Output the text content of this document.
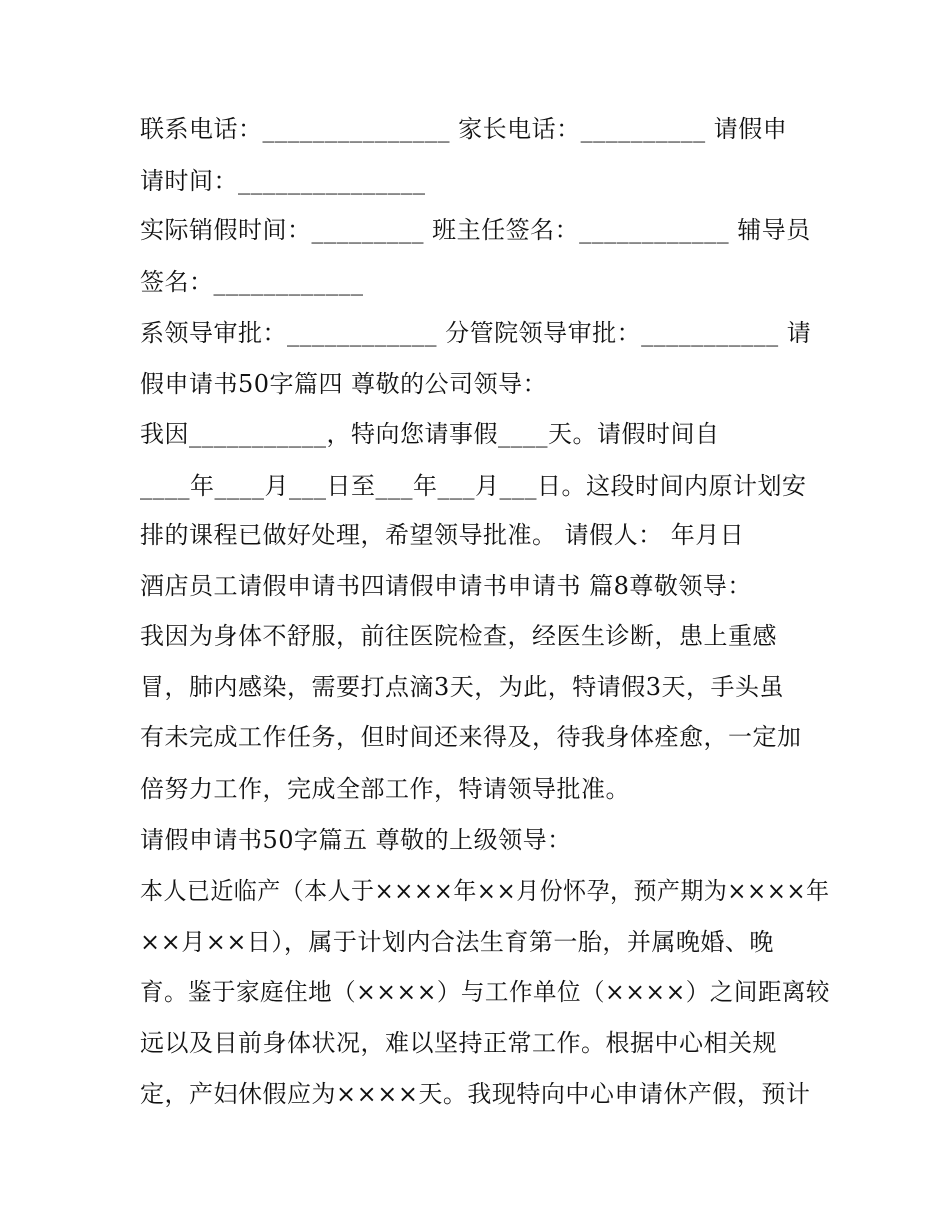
联系电话：_______________ 家长电话：__________ 请假申
请时间：_______________
实际销假时间：_________ 班主任签名：____________ 辅导员
签名：____________
系领导审批：____________ 分管院领导审批：___________ 请
假申请书50字篇四 尊敬的公司领导：
我因___________，特向您请事假____天。请假时间自
____年____月___日至___年___月___日。这段时间内原计划安
排的课程已做好处理，希望领导批准。 请假人： 年月日
酒店员工请假申请书四请假申请书申请书 篇8尊敬领导：
我因为身体不舒服，前往医院检查，经医生诊断，患上重感
冒，肺内感染，需要打点滴3天，为此，特请假3天，手头虽
有未完成工作任务，但时间还来得及，待我身体痊愈，一定加
倍努力工作，完成全部工作，特请领导批准。
请假申请书50字篇五 尊敬的上级领导：
本人已近临产（本人于××××年××月份怀孕，预产期为××××年
××月××日），属于计划内合法生育第一胎，并属晚婚、晚
育。鉴于家庭住地（××××）与工作单位（××××）之间距离较
远以及目前身体状况，难以坚持正常工作。根据中心相关规
定，产妇休假应为××××天。我现特向中心申请休产假，预计
